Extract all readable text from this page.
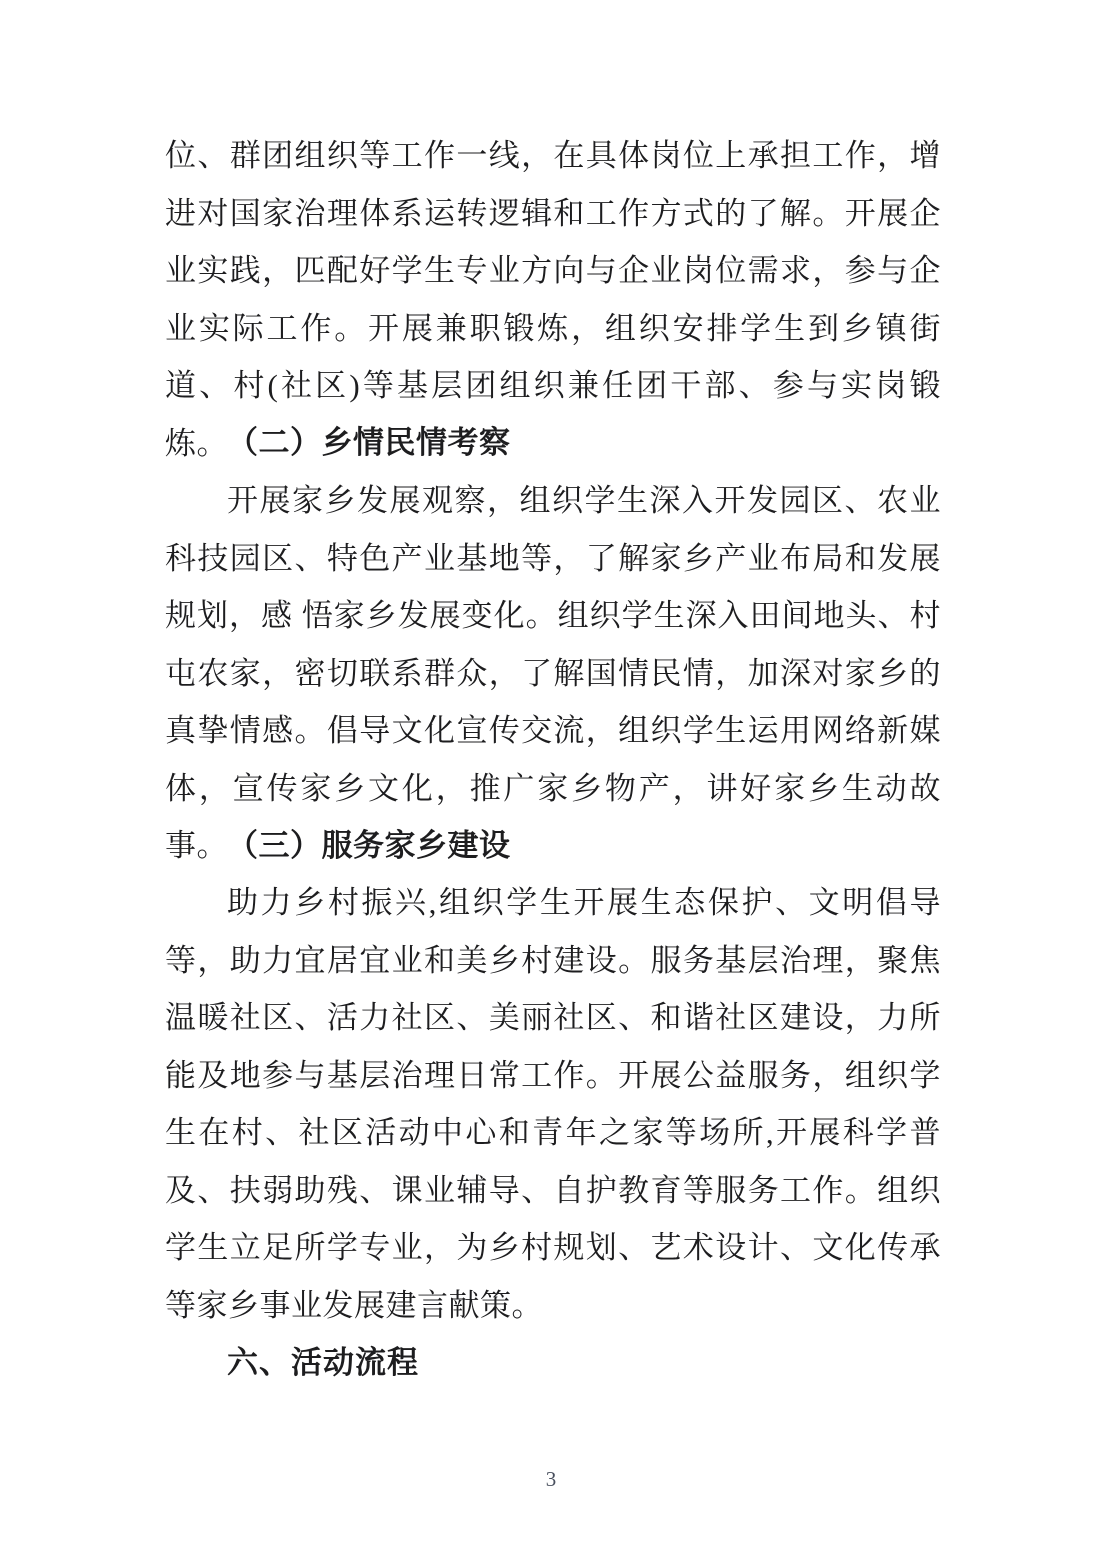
位、群团组织等工作一线，在具体岗位上承担工作，增进对国家治理体系运转逻辑和工作方式的了解。开展企业实践，匹配好学生专业方向与企业岗位需求，参与企业实际工作。开展兼职锻炼，组织安排学生到乡镇街道、村(社区)等基层团组织兼任团干部、参与实岗锻炼。 （二）乡情民情考察

开展家乡发展观察，组织学生深入开发园区、农业科技园区、特色产业基地等，了解家乡产业布局和发展规划，感 悟家乡发展变化。组织学生深入田间地头、村屯农家，密切联系群众，了解国情民情，加深对家乡的真挚情感。倡导文化宣传交流，组织学生运用网络新媒体，宣传家乡文化，推广家乡物产，讲好家乡生动故事。 （三）服务家乡建设

助力乡村振兴,组织学生开展生态保护、文明倡导等，助力宜居宜业和美乡村建设。服务基层治理，聚焦温暖社区、活力社区、美丽社区、和谐社区建设，力所能及地参与基层治理日常工作。开展公益服务，组织学生在村、社区活动中心和青年之家等场所,开展科学普及、扶弱助残、课业辅导、自护教育等服务工作。组织学生立足所学专业，为乡村规划、艺术设计、文化传承等家乡事业发展建言献策。

六、活动流程
3
